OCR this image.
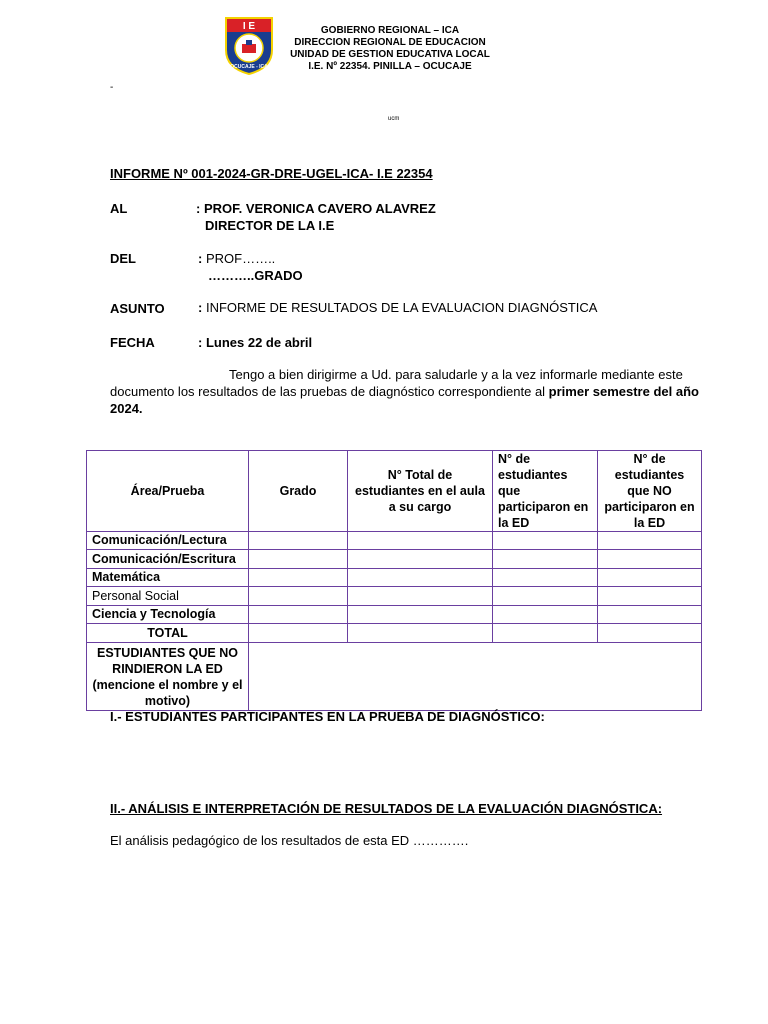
I E
OCUCAJE - ICA
GOBIERNO REGIONAL – ICA
DIRECCION REGIONAL DE EDUCACION
UNIDAD DE GESTION EDUCATIVA LOCAL
I.E. Nº 22354. PINILLA – OCUCAJE
-
ucm
INFORME Nº 001-2024-GR-DRE-UGEL-ICA- I.E 22354
AL	: PROF. VERONICA CAVERO ALAVREZ
DIRECTOR DE LA I.E
DEL	: PROF……..
………..GRADO
ASUNTO	: INFORME DE RESULTADOS DE LA EVALUACION DIAGNÓSTICA
FECHA	: Lunes 22 de abril
Tengo a bien dirigirme a Ud. para saludarle y a la vez informarle mediante este
documento los resultados de las pruebas de diagnóstico correspondiente al primer semestre del año
2024.
Área/Prueba	Grado	N° Total de estudiantes en el aula a su cargo	N° de estudiantes que participaron en la ED	N° de estudiantes que NO participaron en la ED
Comunicación/Lectura				
Comunicación/Escritura				
Matemática				
Personal Social				
Ciencia y Tecnología				
TOTAL				
ESTUDIANTES QUE NO RINDIERON LA ED (mencione el nombre y el motivo)				
I.- ESTUDIANTES PARTICIPANTES EN LA PRUEBA DE DIAGNÓSTICO:
II.- ANÁLISIS E INTERPRETACIÓN DE RESULTADOS DE LA EVALUACIÓN DIAGNÓSTICA:
El análisis pedagógico de los resultados de esta ED ………….
